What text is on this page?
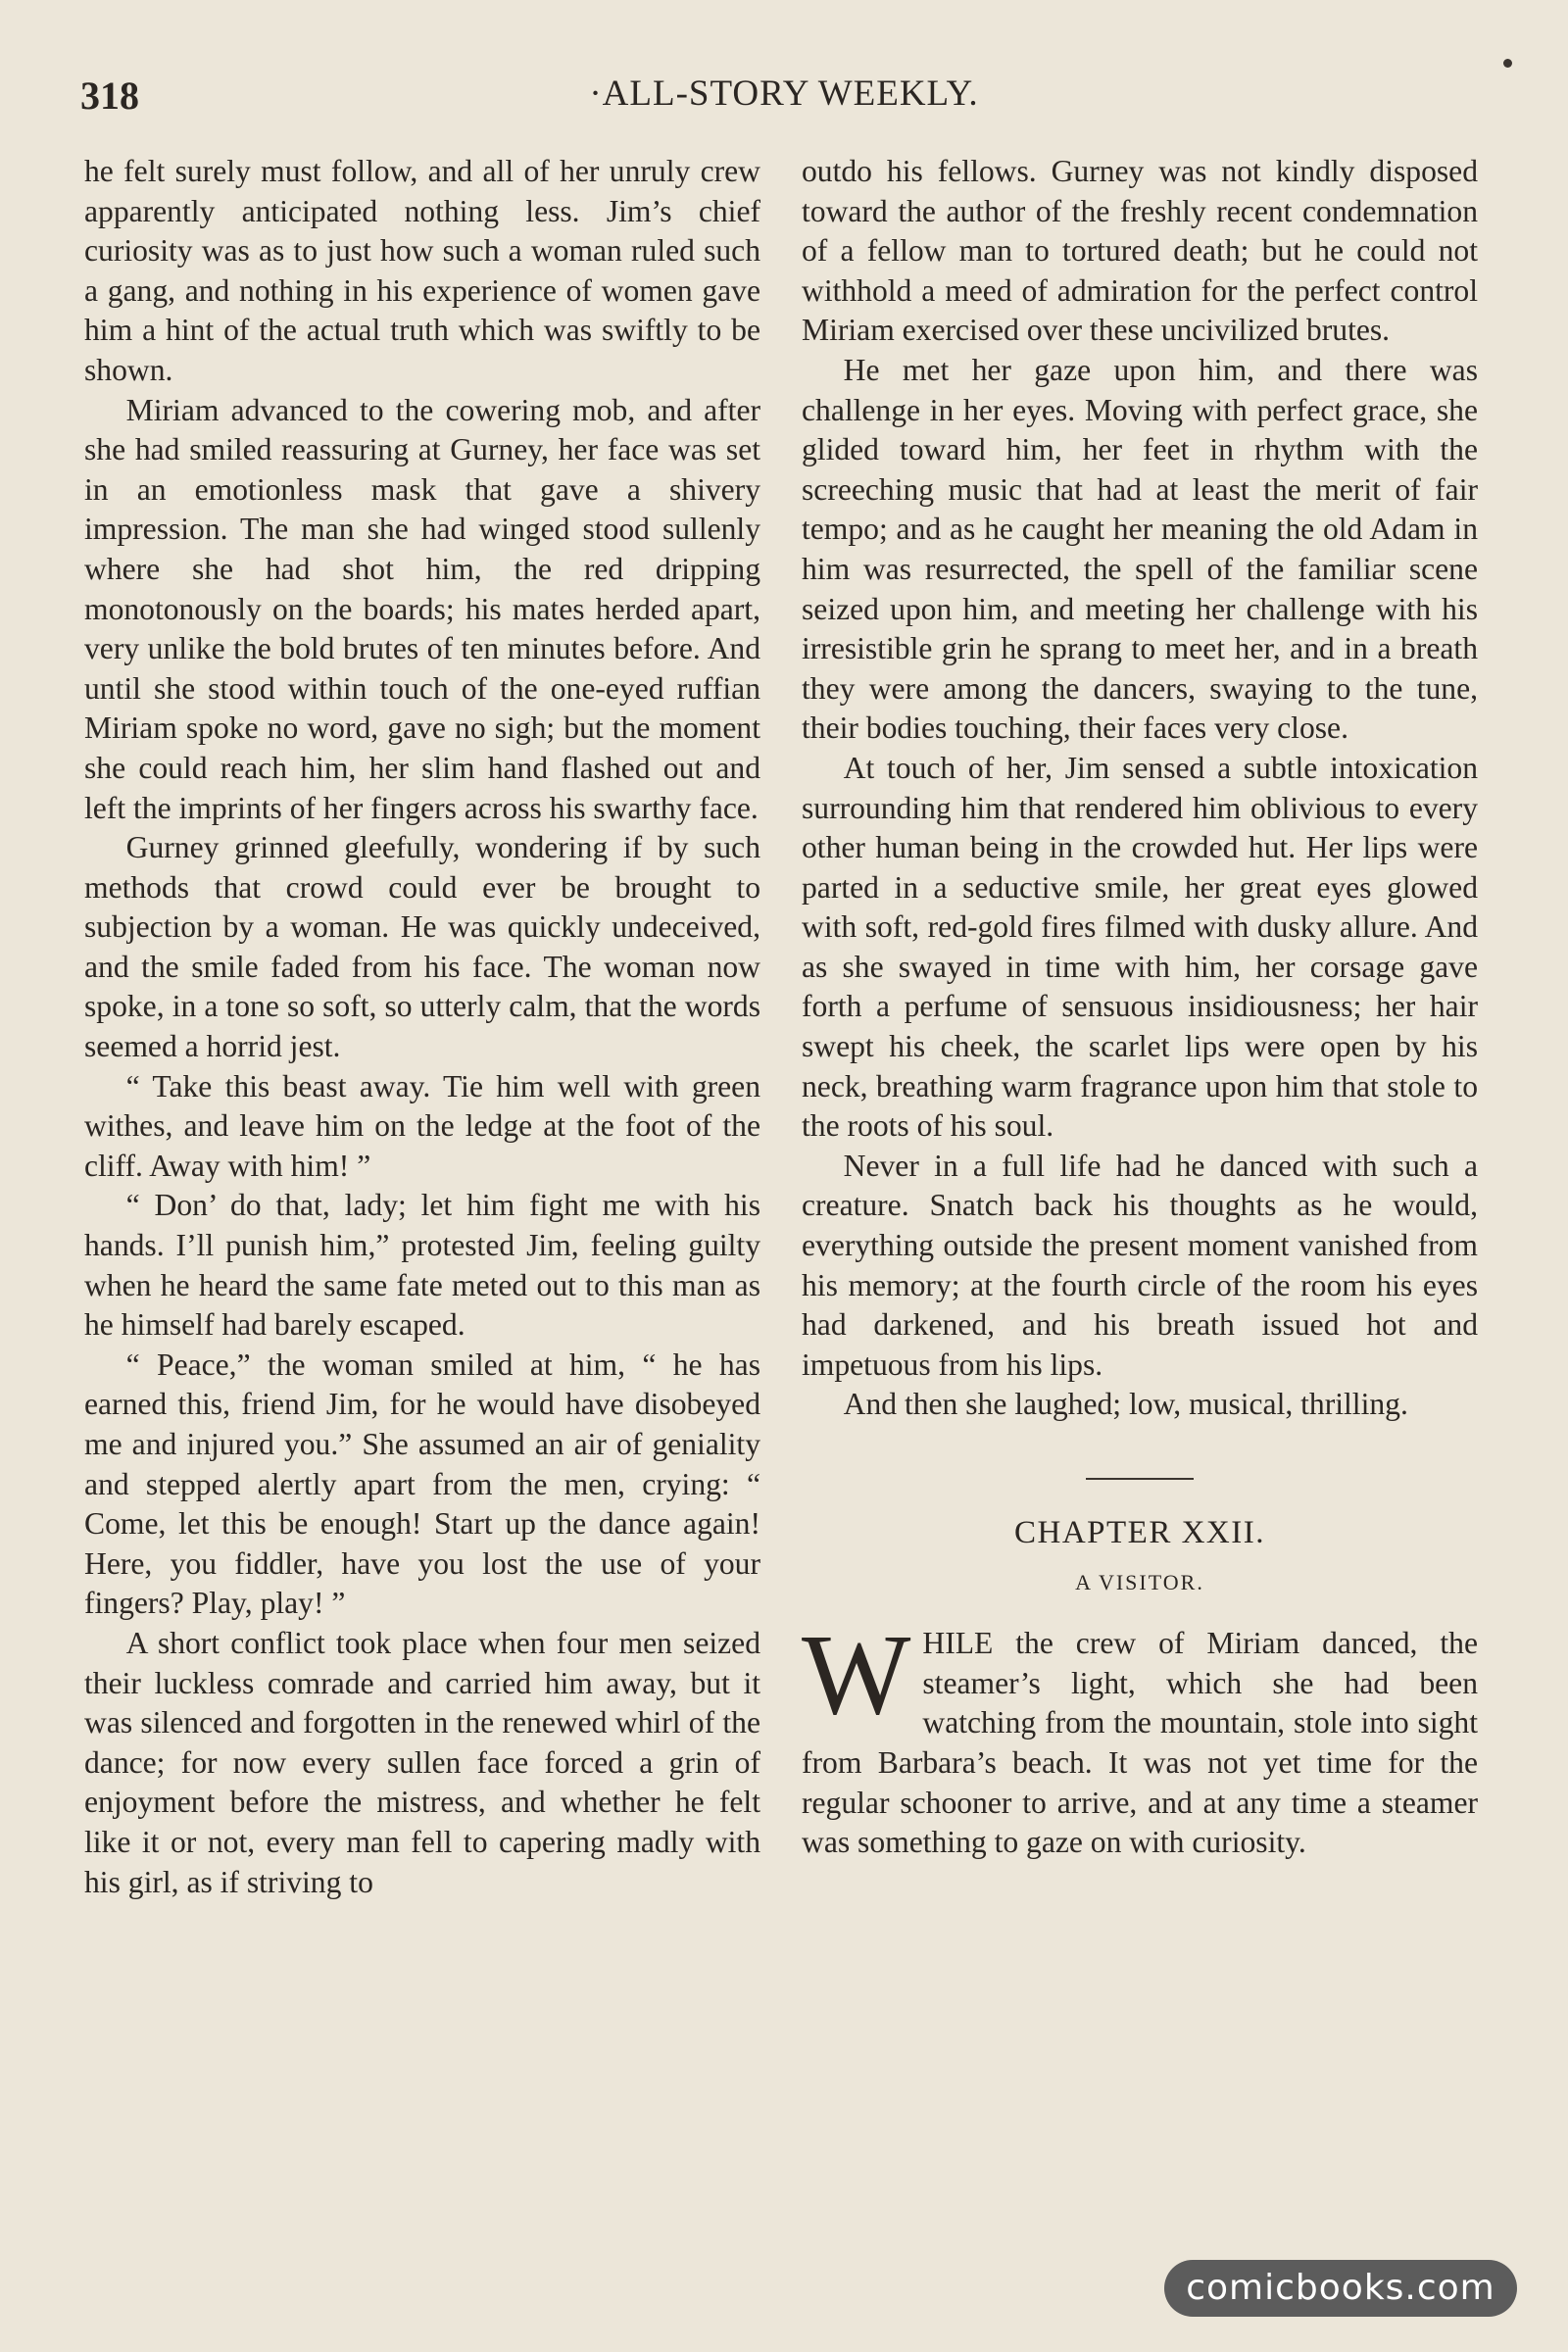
318	·ALL-STORY WEEKLY.

he felt surely must follow, and all of her unruly crew apparently anticipated nothing less. Jim’s chief curiosity was as to just how such a woman ruled such a gang, and nothing in his experience of women gave him a hint of the actual truth which was swiftly to be shown.

Miriam advanced to the cowering mob, and after she had smiled reassuring at Gurney, her face was set in an emotionless mask that gave a shivery impression. The man she had winged stood sullenly where she had shot him, the red dripping monotonously on the boards; his mates herded apart, very unlike the bold brutes of ten minutes before. And until she stood within touch of the one-eyed ruffian Miriam spoke no word, gave no sigh; but the moment she could reach him, her slim hand flashed out and left the imprints of her fingers across his swarthy face.

Gurney grinned gleefully, wondering if by such methods that crowd could ever be brought to subjection by a woman. He was quickly undeceived, and the smile faded from his face. The woman now spoke, in a tone so soft, so utterly calm, that the words seemed a horrid jest.

“ Take this beast away. Tie him well with green withes, and leave him on the ledge at the foot of the cliff. Away with him! ”

“ Don’ do that, lady; let him fight me with his hands. I’ll punish him,” protested Jim, feeling guilty when he heard the same fate meted out to this man as he himself had barely escaped.

“ Peace,” the woman smiled at him, “ he has earned this, friend Jim, for he would have disobeyed me and injured you.” She assumed an air of geniality and stepped alertly apart from the men, crying: “ Come, let this be enough! Start up the dance again! Here, you fiddler, have you lost the use of your fingers? Play, play! ”

A short conflict took place when four men seized their luckless comrade and carried him away, but it was silenced and forgotten in the renewed whirl of the dance; for now every sullen face forced a grin of enjoyment before the mistress, and whether he felt like it or not, every man fell to capering madly with his girl, as if striving to

outdo his fellows. Gurney was not kindly disposed toward the author of the freshly recent condemnation of a fellow man to tortured death; but he could not withhold a meed of admiration for the perfect control Miriam exercised over these uncivilized brutes.

He met her gaze upon him, and there was challenge in her eyes. Moving with perfect grace, she glided toward him, her feet in rhythm with the screeching music that had at least the merit of fair tempo; and as he caught her meaning the old Adam in him was resurrected, the spell of the familiar scene seized upon him, and meeting her challenge with his irresistible grin he sprang to meet her, and in a breath they were among the dancers, swaying to the tune, their bodies touching, their faces very close.

At touch of her, Jim sensed a subtle intoxication surrounding him that rendered him oblivious to every other human being in the crowded hut. Her lips were parted in a seductive smile, her great eyes glowed with soft, red-gold fires filmed with dusky allure. And as she swayed in time with him, her corsage gave forth a perfume of sensuous insidiousness; her hair swept his cheek, the scarlet lips were open by his neck, breathing warm fragrance upon him that stole to the roots of his soul.

Never in a full life had he danced with such a creature. Snatch back his thoughts as he would, everything outside the present moment vanished from his memory; at the fourth circle of the room his eyes had darkened, and his breath issued hot and impetuous from his lips.

And then she laughed; low, musical, thrilling.

CHAPTER XXII.
A VISITOR.
W HILE the crew of Miriam danced, the steamer’s light, which she had been watching from the mountain, stole into sight from Barbara’s beach. It was not yet time for the regular schooner to arrive, and at any time a steamer was something to gaze on with curiosity.
comicbooks.com
